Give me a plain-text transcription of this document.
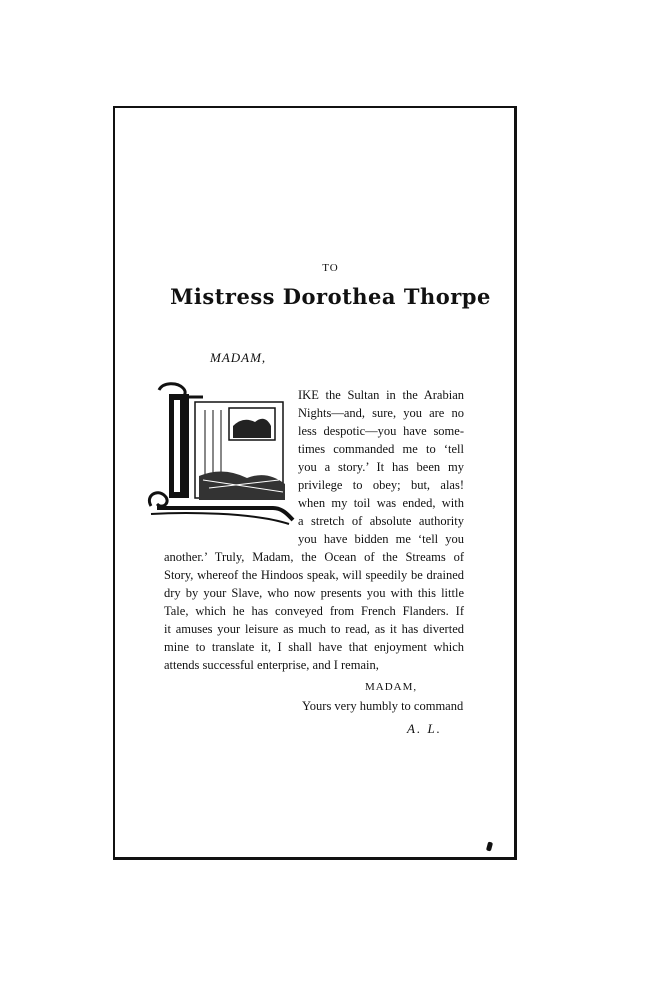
TO
Mistress Dorothea Thorpe
MADAM,
IKE the Sultan in the Arabian
Nights—and, sure, you are no
less despotic—you have some-
times commanded me to ‘tell
you a story.’ It has been my
privilege to obey; but, alas!
when my toil was ended, with
a stretch of absolute authority
you have bidden me ‘tell you
another.’ Truly, Madam, the Ocean of the Streams of
Story, whereof the Hindoos speak, will speedily be drained
dry by your Slave, who now presents you with this little
Tale, which he has conveyed from French Flanders. If
it amuses your leisure as much to read, as it has diverted
mine to translate it, I shall have that enjoyment which
attends successful enterprise, and I remain,
MADAM,
Yours very humbly to command
A. L.
